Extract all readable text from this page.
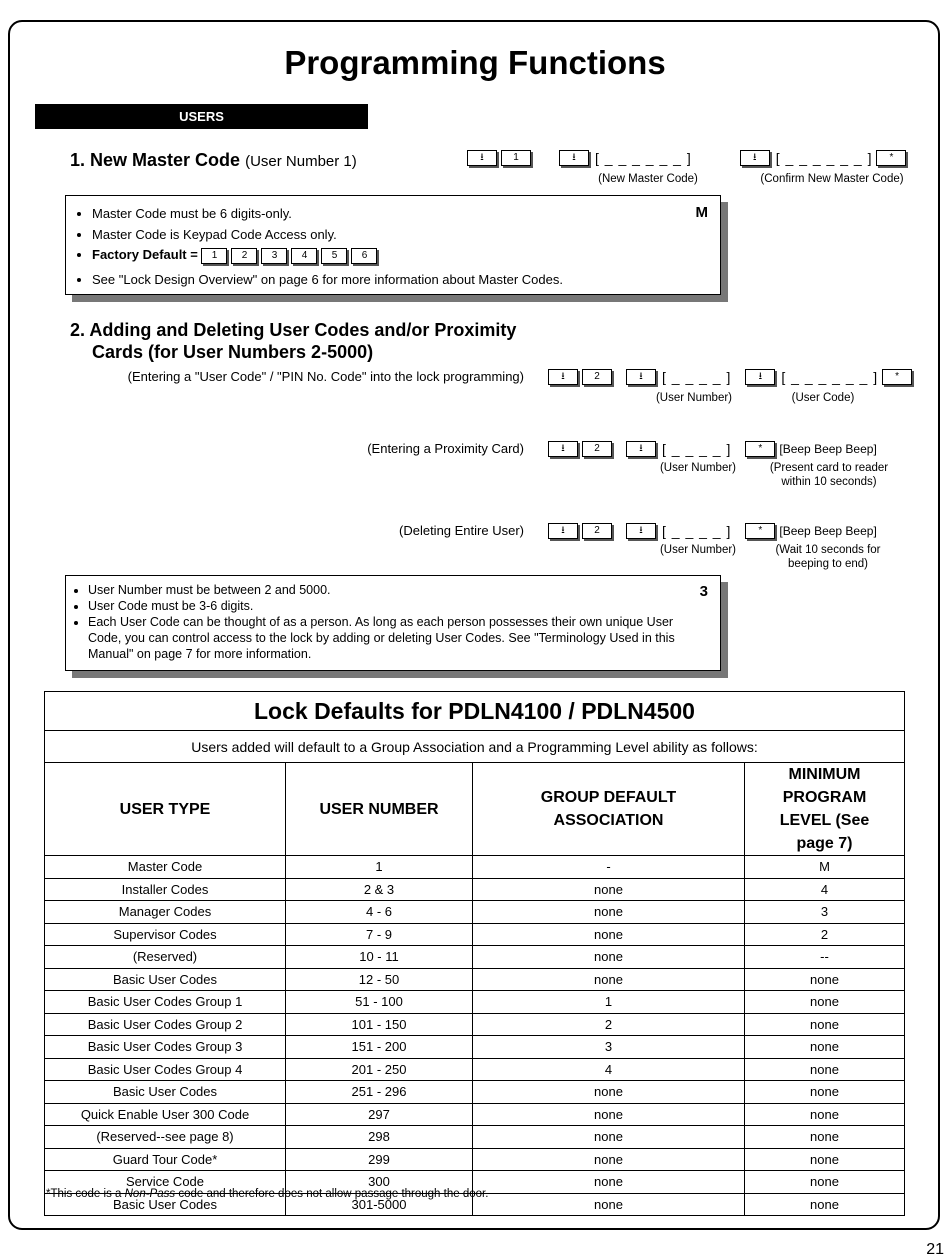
Programming Functions
USERS
1. New Master Code (User Number 1)	⭳	1	⭳	[ _ _ _ _ _ _ ]	⭳	[ _ _ _ _ _ _ ]	*
(New Master Code)	(Confirm New Master Code)
M
• Master Code must be 6 digits-only.
• Master Code is Keypad Code Access only.
• Factory Default = 1 2 3 4 5 6
• See "Lock Design Overview" on page 6 for more information about Master Codes.
2. Adding and Deleting User Codes and/or Proximity
Cards (for User Numbers 2-5000)
(Entering a "User Code" / "PIN No. Code" into the lock programming)	⭳	2	⭳	[ _ _ _ _ ]	⭳	[ _ _ _ _ _ _ ]	*
(User Number)	(User Code)
(Entering a Proximity Card)	⭳	2	⭳	[ _ _ _ _ ]	*	[Beep Beep Beep]
(User Number)	(Present card to reader within 10 seconds)
(Deleting Entire User)	⭳	2	⭳	[ _ _ _ _ ]	*	[Beep Beep Beep]
(User Number)	(Wait 10 seconds for beeping to end)
3
• User Number must be between 2 and 5000.
• User Code must be 3-6 digits.
• Each User Code can be thought of as a person. As long as each person possesses their own unique User Code, you can control access to the lock by adding or deleting User Codes. See "Terminology Used in this Manual" on page 7 for more information.
Lock Defaults for PDLN4100 / PDLN4500			
Users added will default to a Group Association and a Programming Level ability as follows:			
USER TYPE	USER NUMBER	GROUP DEFAULT ASSOCIATION	MINIMUM PROGRAM LEVEL (See page 7)
Master Code	1	-	M
Installer Codes	2 & 3	none	4
Manager Codes	4 - 6	none	3
Supervisor Codes	7 - 9	none	2
(Reserved)	10 - 11	none	--
Basic User Codes	12 - 50	none	none
Basic User Codes Group 1	51 - 100	1	none
Basic User Codes Group 2	101 - 150	2	none
Basic User Codes Group 3	151 - 200	3	none
Basic User Codes Group 4	201 - 250	4	none
Basic User Codes	251 - 296	none	none
Quick Enable User 300 Code	297	none	none
(Reserved--see page 8)	298	none	none
Guard Tour Code*	299	none	none
Service Code	300	none	none
Basic User Codes	301-5000	none	none
*This code is a Non-Pass code and therefore does not allow passage through the door.
21
